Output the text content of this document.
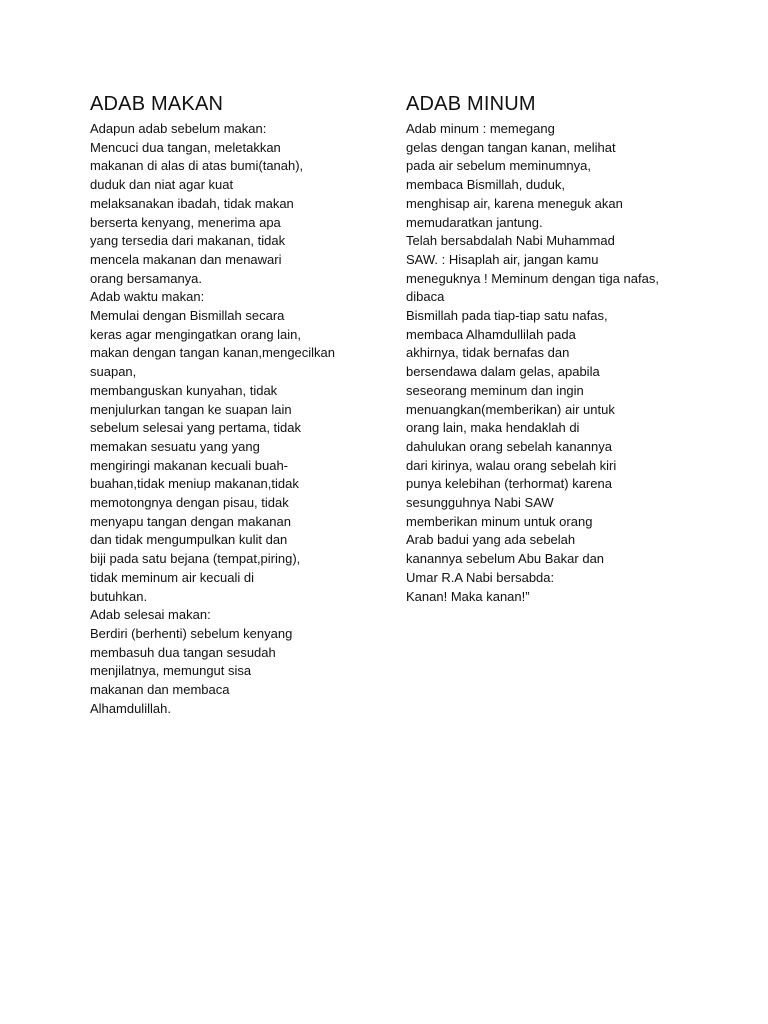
ADAB MAKAN
Adapun adab sebelum makan:
Mencuci dua tangan, meletakkan
makanan di alas di atas bumi(tanah),
duduk dan niat agar kuat
melaksanakan ibadah, tidak makan
berserta kenyang, menerima apa
yang tersedia dari makanan, tidak
mencela makanan dan menawari
orang bersamanya.
Adab waktu makan:
Memulai dengan Bismillah secara
keras agar mengingatkan orang lain,
makan dengan tangan kanan,mengecilkan
suapan,
membanguskan kunyahan, tidak
menjulurkan tangan ke suapan lain
sebelum selesai yang pertama, tidak
memakan sesuatu yang yang
mengiringi makanan kecuali buah-
buahan,tidak meniup makanan,tidak
memotongnya dengan pisau, tidak
menyapu tangan dengan makanan
dan tidak mengumpulkan kulit dan
biji pada satu bejana (tempat,piring),
tidak meminum air kecuali di
butuhkan.
Adab selesai makan:
Berdiri (berhenti) sebelum kenyang
membasuh dua tangan sesudah
menjilatnya, memungut sisa
makanan dan membaca
Alhamdulillah.
ADAB MINUM
Adab minum : memegang
gelas dengan tangan kanan, melihat
pada air sebelum meminumnya,
membaca Bismillah, duduk,
menghisap air, karena meneguk akan
memudaratkan jantung.
Telah bersabdalah Nabi Muhammad
SAW. : Hisaplah air, jangan kamu
meneguknya ! Meminum dengan tiga nafas,
dibaca
Bismillah pada tiap-tiap satu nafas,
membaca Alhamdullilah pada
akhirnya, tidak bernafas dan
bersendawa dalam gelas, apabila
seseorang meminum dan ingin
menuangkan(memberikan) air untuk
orang lain, maka hendaklah di
dahulukan orang sebelah kanannya
dari kirinya, walau orang sebelah kiri
punya kelebihan (terhormat) karena
sesungguhnya Nabi SAW
memberikan minum untuk orang
Arab badui yang ada sebelah
kanannya sebelum Abu Bakar dan
Umar R.A Nabi bersabda:
Kanan! Maka kanan!”
